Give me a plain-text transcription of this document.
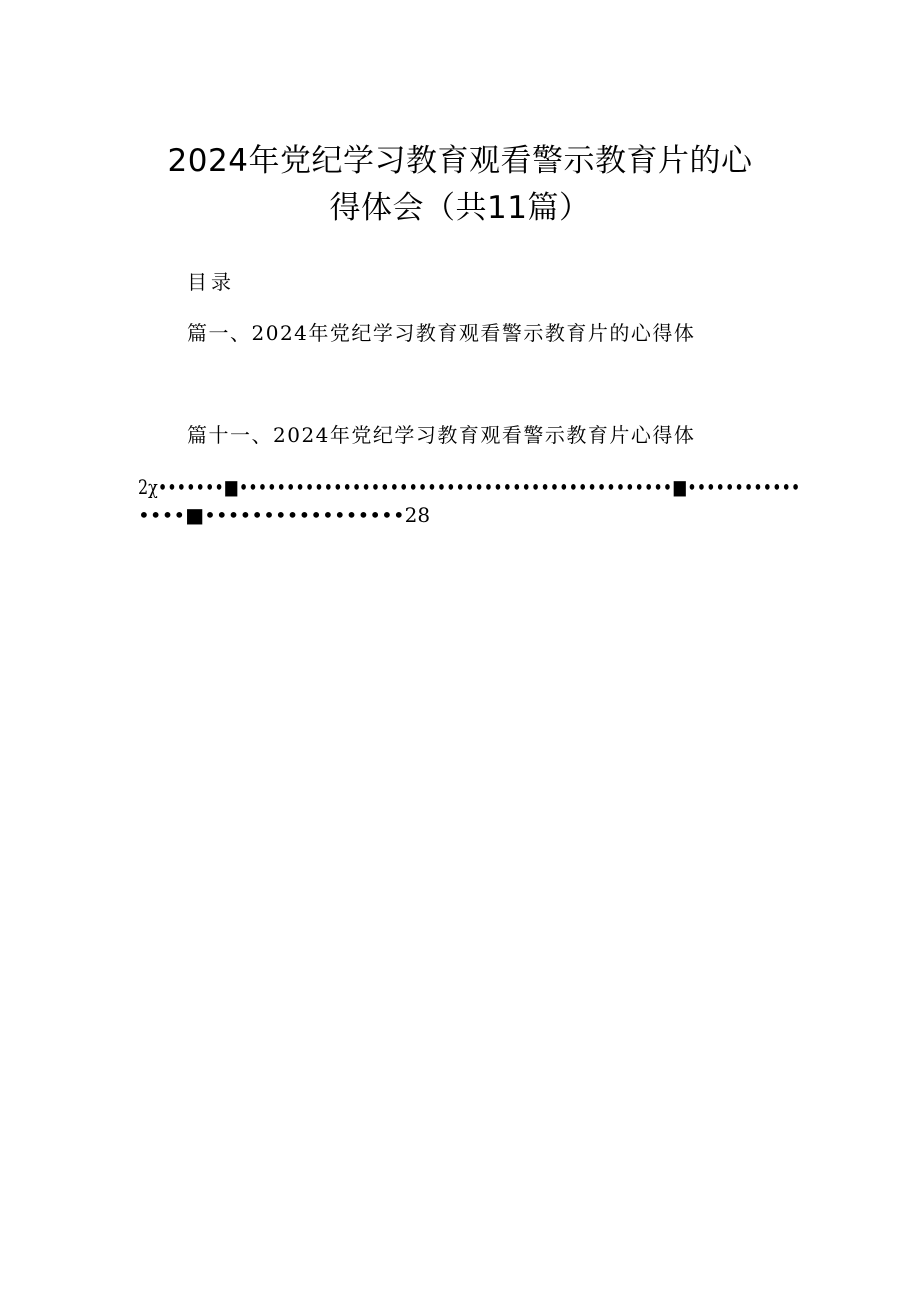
2024年党纪学习教育观看警示教育片的心
得体会（共11篇）
目录
篇一、2024年党纪学习教育观看警示教育片的心得体
篇十一、2024年党纪学习教育观看警示教育片心得体
2χ•••••••■••••••••••••••••••••••••••••••••••••••••••••••■••••••••••••
••••■•••••••••••••••••28
